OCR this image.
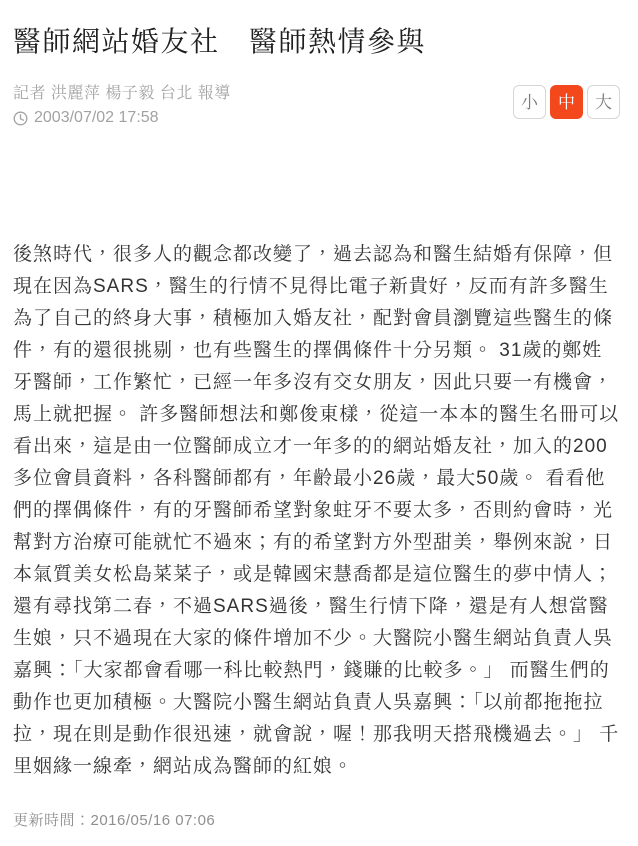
醫師網站婚友社　醫師熱情參與
記者 洪麗萍 楊子毅 台北 報導
2003/07/02 17:58
小	中	大

後煞時代，很多人的觀念都改變了，過去認為和醫生結婚有保障，但現在因為SARS，醫生的行情不見得比電子新貴好，反而有許多醫生為了自己的終身大事，積極加入婚友社，配對會員瀏覽這些醫生的條件，有的還很挑剔，也有些醫生的擇偶條件十分另類。 31歲的鄭姓牙醫師，工作繁忙，已經一年多沒有交女朋友，因此只要一有機會，馬上就把握。 許多醫師想法和鄭俊東樣，從這一本本的醫生名冊可以看出來，這是由一位醫師成立才一年多的的網站婚友社，加入的200多位會員資料，各科醫師都有，年齡最小26歲，最大50歲。 看看他們的擇偶條件，有的牙醫師希望對象蛀牙不要太多，否則約會時，光幫對方治療可能就忙不過來；有的希望對方外型甜美，舉例來說，日本氣質美女松島菜菜子，或是韓國宋慧喬都是這位醫生的夢中情人；還有尋找第二春，不過SARS過後，醫生行情下降，還是有人想當醫生娘，只不過現在大家的條件增加不少。大醫院小醫生網站負責人吳嘉興：「大家都會看哪一科比較熱門，錢賺的比較多。」 而醫生們的動作也更加積極。大醫院小醫生網站負責人吳嘉興：「以前都拖拖拉拉，現在則是動作很迅速，就會說，喔！那我明天搭飛機過去。」 千里姻緣一線牽，網站成為醫師的紅娘。

更新時間：2016/05/16 07:06
